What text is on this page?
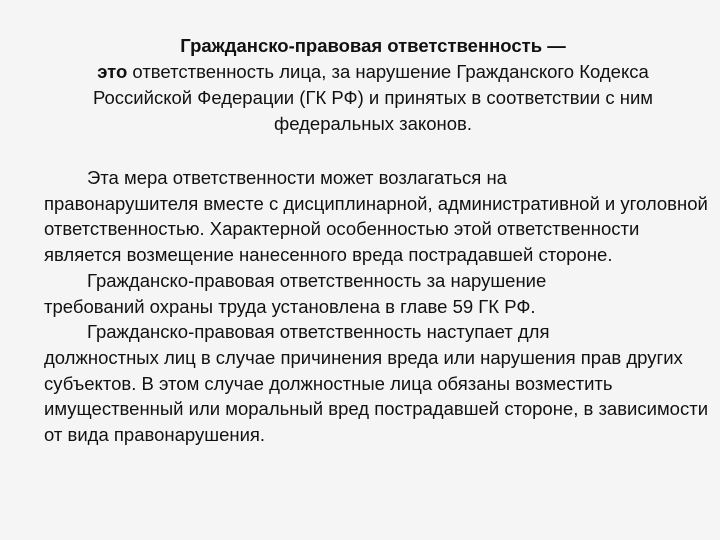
Гражданско-правовая ответственность —
это ответственность лица, за нарушение Гражданского Кодекса
Российской Федерации (ГК РФ) и принятых в соответствии с ним федеральных законов.

Эта мера ответственности может возлагаться на
правонарушителя вместе с дисциплинарной, административной и уголовной ответственностью. Характерной особенностью этой ответственности является возмещение нанесенного вреда пострадавшей стороне.

Гражданско-правовая ответственность за нарушение
требований охраны труда установлена в главе 59 ГК РФ.

Гражданско-правовая ответственность наступает для
должностных лиц в случае причинения вреда или нарушения прав других субъектов. В этом случае должностные лица обязаны возместить имущественный или моральный вред пострадавшей стороне, в зависимости от вида правонарушения.
